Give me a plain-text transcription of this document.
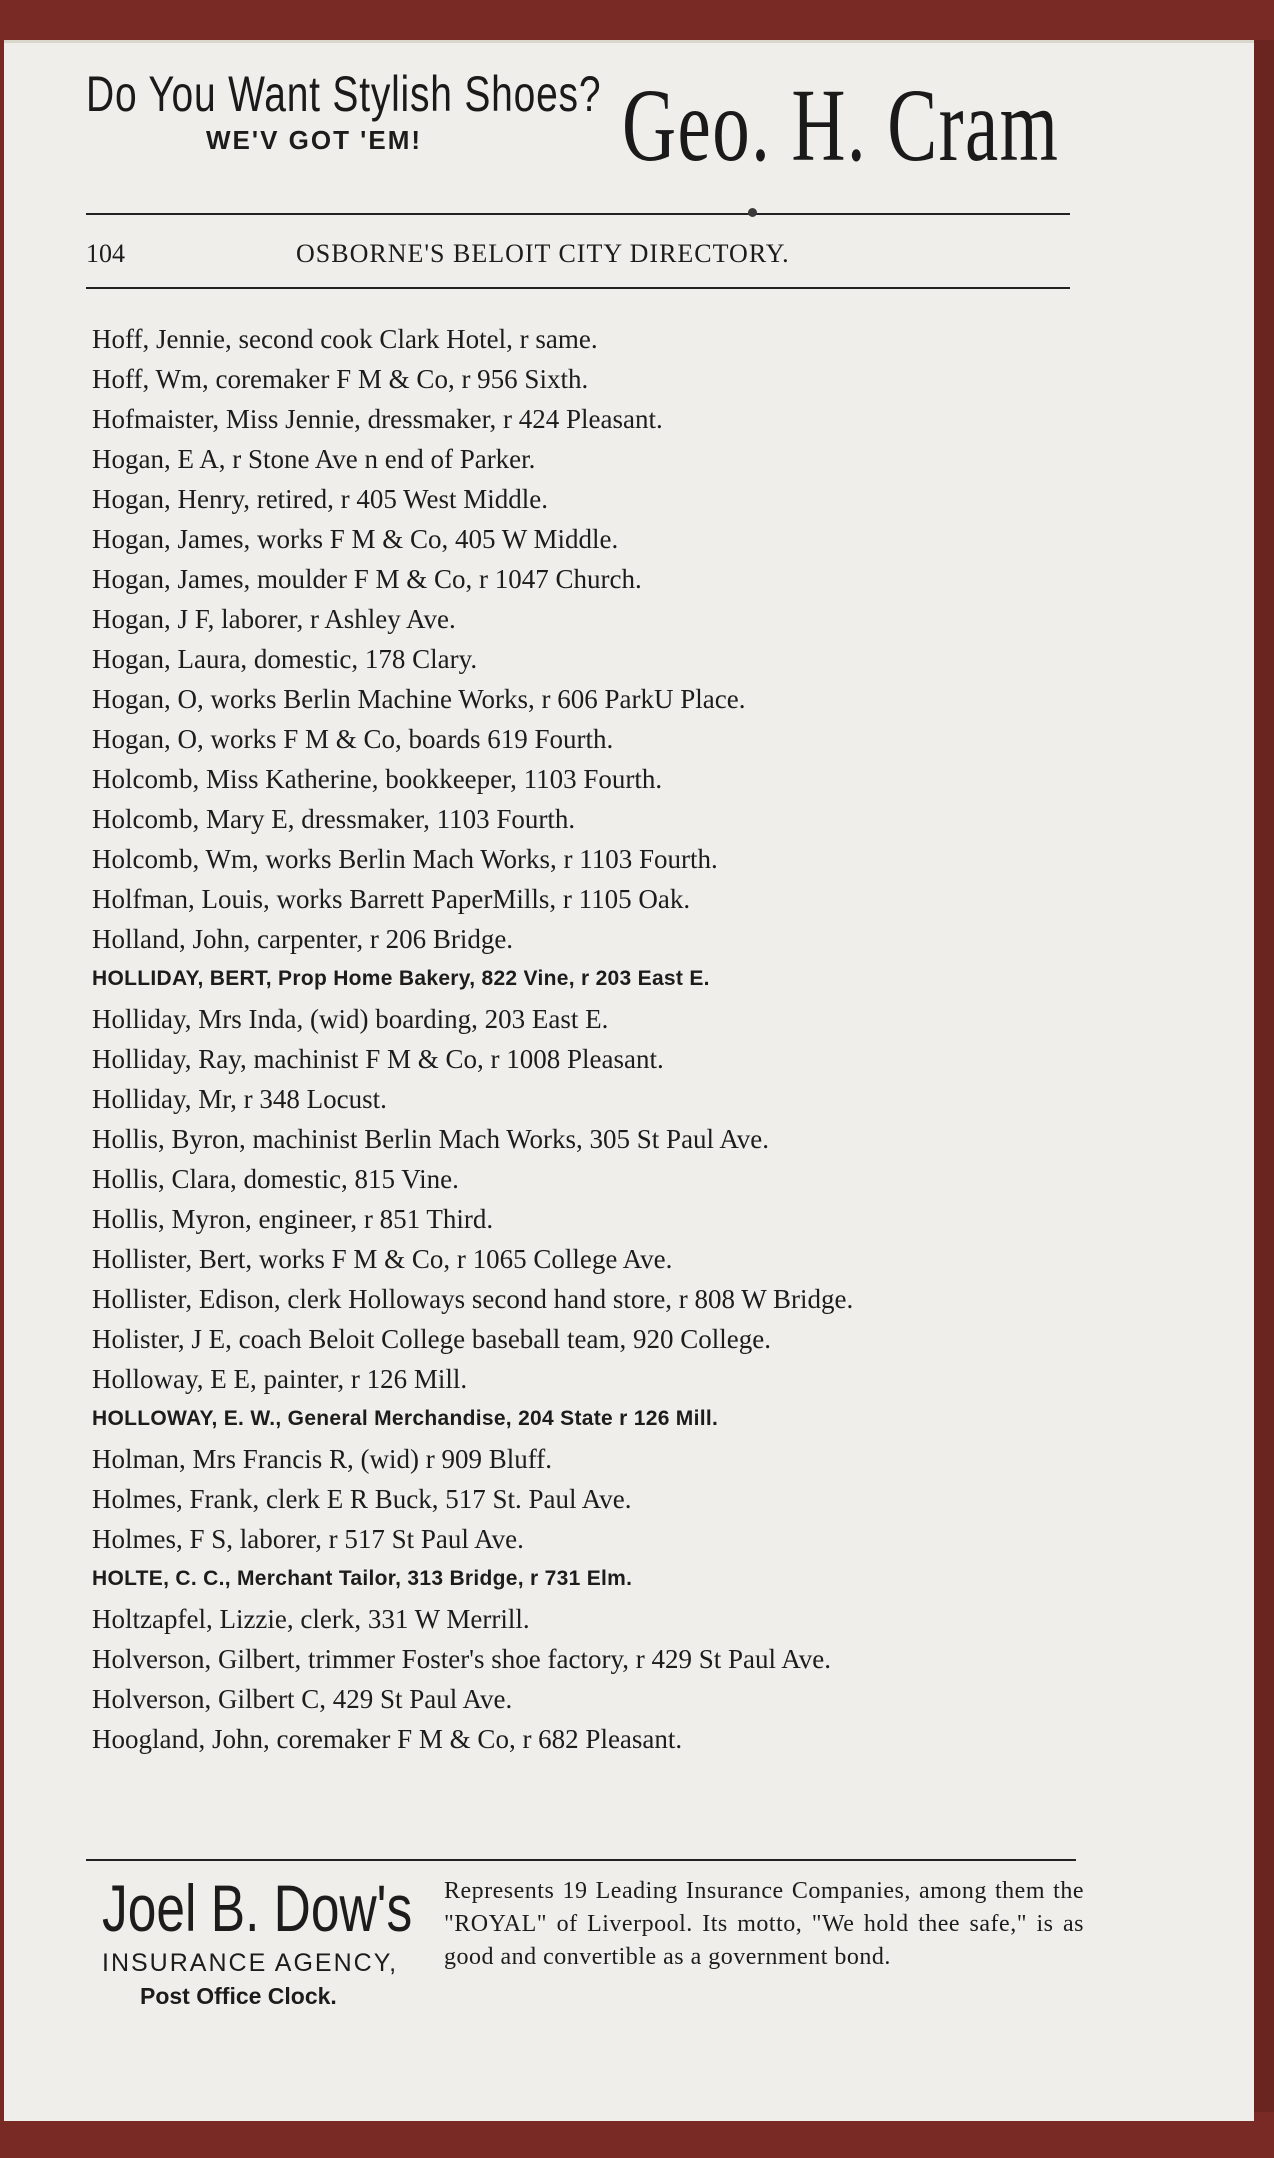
Do You Want Stylish Shoes?
WE'V GOT 'EM!	Geo. H. Cram
104	OSBORNE'S BELOIT CITY DIRECTORY.
Hoff, Jennie, second cook Clark Hotel, r same.
Hoff, Wm, coremaker F M & Co, r 956 Sixth.
Hofmaister, Miss Jennie, dressmaker, r 424 Pleasant.
Hogan, E A, r Stone Ave n end of Parker.
Hogan, Henry, retired, r 405 West Middle.
Hogan, James, works F M & Co, 405 W Middle.
Hogan, James, moulder F M & Co, r 1047 Church.
Hogan, J F, laborer, r Ashley Ave.
Hogan, Laura, domestic, 178 Clary.
Hogan, O, works Berlin Machine Works, r 606 ParkU Place.
Hogan, O, works F M & Co, boards 619 Fourth.
Holcomb, Miss Katherine, bookkeeper, 1103 Fourth.
Holcomb, Mary E, dressmaker, 1103 Fourth.
Holcomb, Wm, works Berlin Mach Works, r 1103 Fourth.
Holfman, Louis, works Barrett PaperMills, r 1105 Oak.
Holland, John, carpenter, r 206 Bridge.
HOLLIDAY, BERT, Prop Home Bakery, 822 Vine, r 203 East E.
Holliday, Mrs Inda, (wid) boarding, 203 East E.
Holliday, Ray, machinist F M & Co, r 1008 Pleasant.
Holliday, Mr, r 348 Locust.
Hollis, Byron, machinist Berlin Mach Works, 305 St Paul Ave.
Hollis, Clara, domestic, 815 Vine.
Hollis, Myron, engineer, r 851 Third.
Hollister, Bert, works F M & Co, r 1065 College Ave.
Hollister, Edison, clerk Holloways second hand store, r 808 W Bridge.
Holister, J E, coach Beloit College baseball team, 920 College.
Holloway, E E, painter, r 126 Mill.
HOLLOWAY, E. W., General Merchandise, 204 State r 126 Mill.
Holman, Mrs Francis R, (wid) r 909 Bluff.
Holmes, Frank, clerk E R Buck, 517 St. Paul Ave.
Holmes, F S, laborer, r 517 St Paul Ave.
HOLTE, C. C., Merchant Tailor, 313 Bridge, r 731 Elm.
Holtzapfel, Lizzie, clerk, 331 W Merrill.
Holverson, Gilbert, trimmer Foster's shoe factory, r 429 St Paul Ave.
Holverson, Gilbert C, 429 St Paul Ave.
Hoogland, John, coremaker F M & Co, r 682 Pleasant.
Joel B. Dow's
INSURANCE AGENCY,
Post Office Clock.
Represents 19 Leading Insurance Companies, among them the "ROYAL" of Liverpool. Its motto, "We hold thee safe," is as good and convertible as a government bond.
